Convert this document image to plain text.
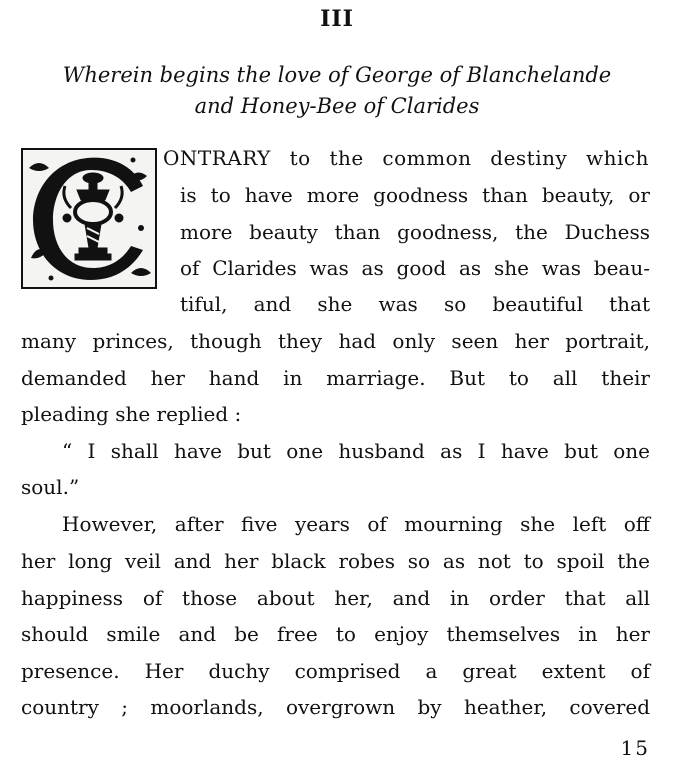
III
Wherein begins the love of George of Blanchelande
and Honey-Bee of Clarides
ONTRARY to the common destiny which
is to have more goodness than beauty, or
more beauty than goodness, the Duchess
of Clarides was as good as she was beau-
tiful, and she was so beautiful that
many princes, though they had only seen her portrait,
demanded her hand in marriage. But to all their
pleading she replied :
“ I shall have but one husband as I have but one
soul.”
However, after five years of mourning she left off
her long veil and her black robes so as not to spoil the
happiness of those about her, and in order that all
should smile and be free to enjoy themselves in her
presence. Her duchy comprised a great extent of
country ; moorlands, overgrown by heather, covered
15
